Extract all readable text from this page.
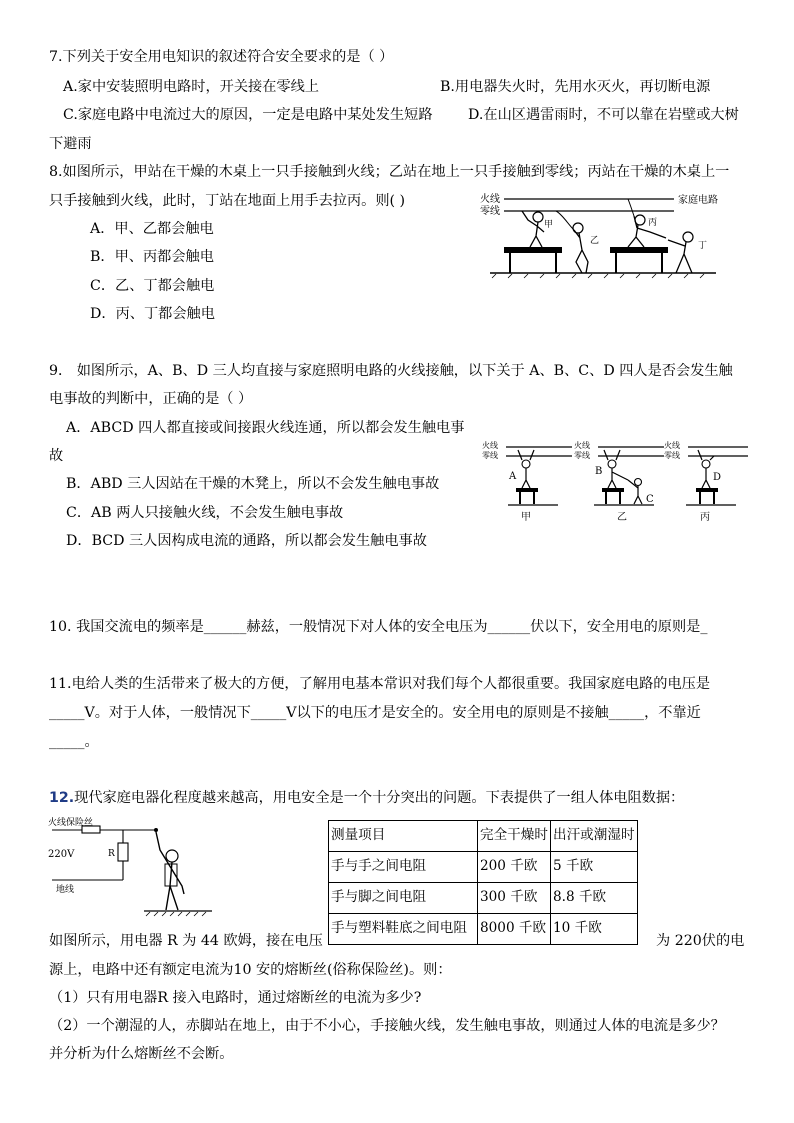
7.下列关于安全用电知识的叙述符合安全要求的是（ ）
A.家中安装照明电路时，开关接在零线上	B.用电器失火时，先用水灭火，再切断电源
C.家庭电路中电流过大的原因，一定是电路中某处发生短路 D.在山区遇雷雨时，不可以靠在岩壁或大树
下避雨
8.如图所示，甲站在干燥的木桌上一只手接触到火线；乙站在地上一只手接触到零线；丙站在干燥的木桌上一
只手接触到火线，此时，丁站在地面上用手去拉丙。则( )
A．甲、乙都会触电
B．甲、丙都会触电
C．乙、丁都会触电
D．丙、丁都会触电
火线
零线
家庭电路
甲
乙
丙
丁
9． 如图所示，A、B、D 三人均直接与家庭照明电路的火线接触，以下关于 A、B、C、D 四人是否会发生触
电事故的判断中，正确的是（ ）
A．ABCD 四人都直接或间接跟火线连通，所以都会发生触电事
故
B．ABD 三人因站在干燥的木凳上，所以不会发生触电事故
C．AB 两人只接触火线，不会发生触电事故
D．BCD 三人因构成电流的通路，所以都会发生触电事故
火线
零线
A
甲
火线
零线
B
C
乙
火线
零线
D
丙
10. 我国交流电的频率是______赫兹，一般情况下对人体的安全电压为______伏以下，安全用电的原则是_
11.电给人类的生活带来了极大的方便，了解用电基本常识对我们每个人都很重要。我国家庭电路的电压是
_____V。对于人体，一般情况下_____V以下的电压才是安全的。安全用电的原则是不接触_____，不靠近
_____。
12.现代家庭电器化程度越来越高，用电安全是一个十分突出的问题。下表提供了一组人体电阻数据：
火线保险丝
R
220V
地线
测量项目	完全干燥时	出汗或潮湿时
手与手之间电阻	200 千欧	5 千欧
手与脚之间电阻	300 千欧	8.8 千欧
手与塑料鞋底之间电阻	8000 千欧	10 千欧
如图所示，用电器 R 为 44 欧姆，接在电压	为 220伏的电
源上，电路中还有额定电流为10 安的熔断丝(俗称保险丝)。则：
（1）只有用电器R 接入电路时，通过熔断丝的电流为多少?
（2）一个潮湿的人，赤脚站在地上，由于不小心，手接触火线，发生触电事故，则通过人体的电流是多少？
并分析为什么熔断丝不会断。
